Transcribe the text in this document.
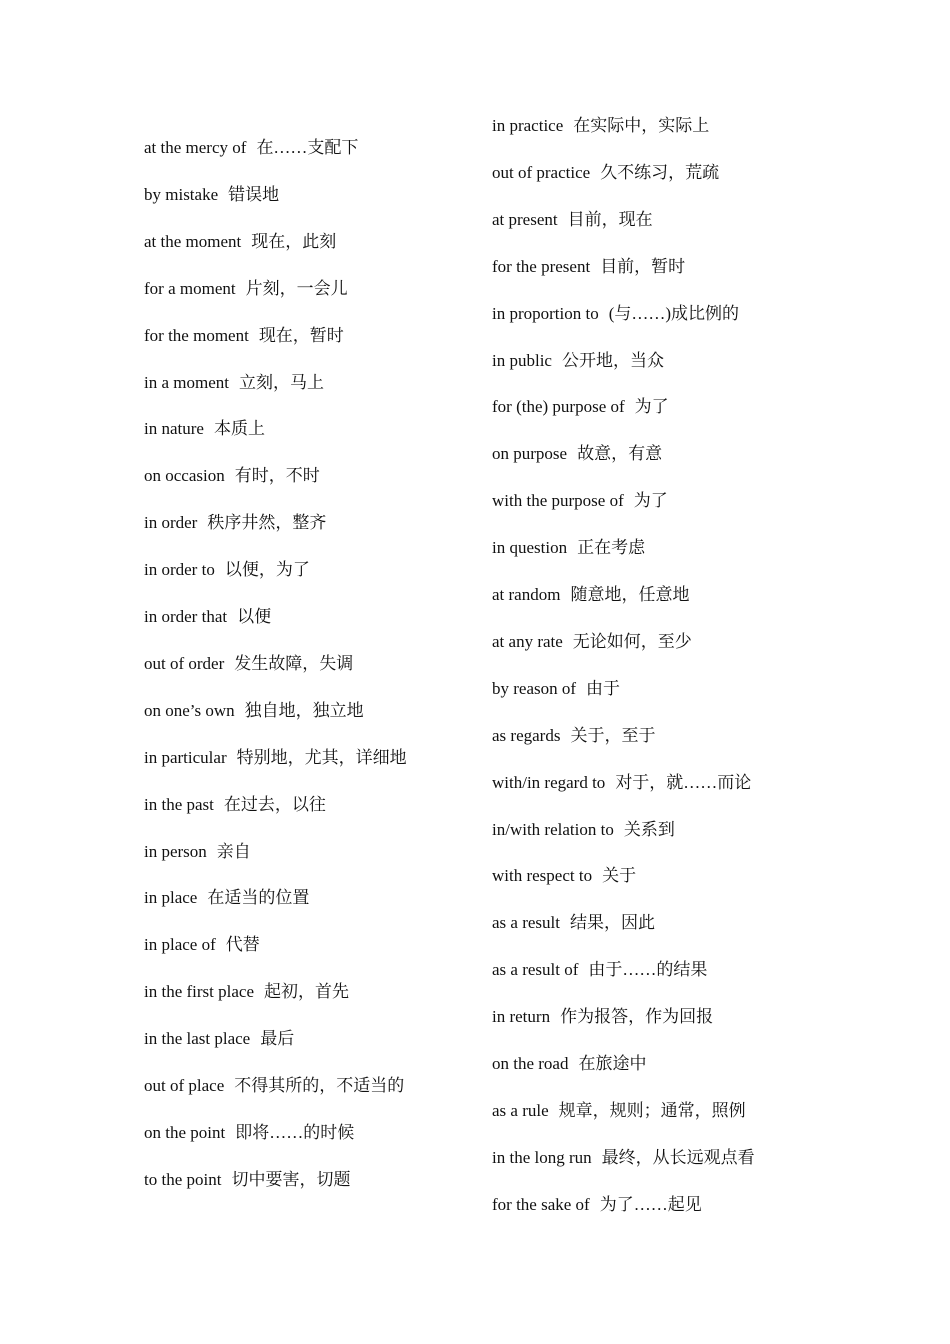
at the mercy of 在……支配下
by mistake 错误地
at the moment 现在，此刻
for a moment 片刻，一会儿
for the moment 现在，暂时
in a moment 立刻，马上
in nature 本质上
on occasion 有时，不时
in order 秩序井然，整齐
in order to 以便，为了
in order that 以便
out of order 发生故障，失调
on one’s own 独自地，独立地
in particular 特别地，尤其，详细地
in the past 在过去，以往
in person 亲自
in place 在适当的位置
in place of 代替
in the first place 起初，首先
in the last place 最后
out of place 不得其所的，不适当的
on the point 即将……的时候
to the point 切中要害，切题
in practice 在实际中，实际上
out of practice 久不练习，荒疏
at present 目前，现在
for the present 目前，暂时
in proportion to (与……)成比例的
in public 公开地，当众
for (the) purpose of 为了
on purpose 故意，有意
with the purpose of 为了
in question 正在考虑
at random 随意地，任意地
at any rate 无论如何，至少
by reason of 由于
as regards 关于，至于
with/in regard to 对于，就……而论
in/with relation to 关系到
with respect to 关于
as a result 结果，因此
as a result of 由于……的结果
in return 作为报答，作为回报
on the road 在旅途中
as a rule 规章，规则；通常，照例
in the long run 最终，从长远观点看
for the sake of 为了……起见
